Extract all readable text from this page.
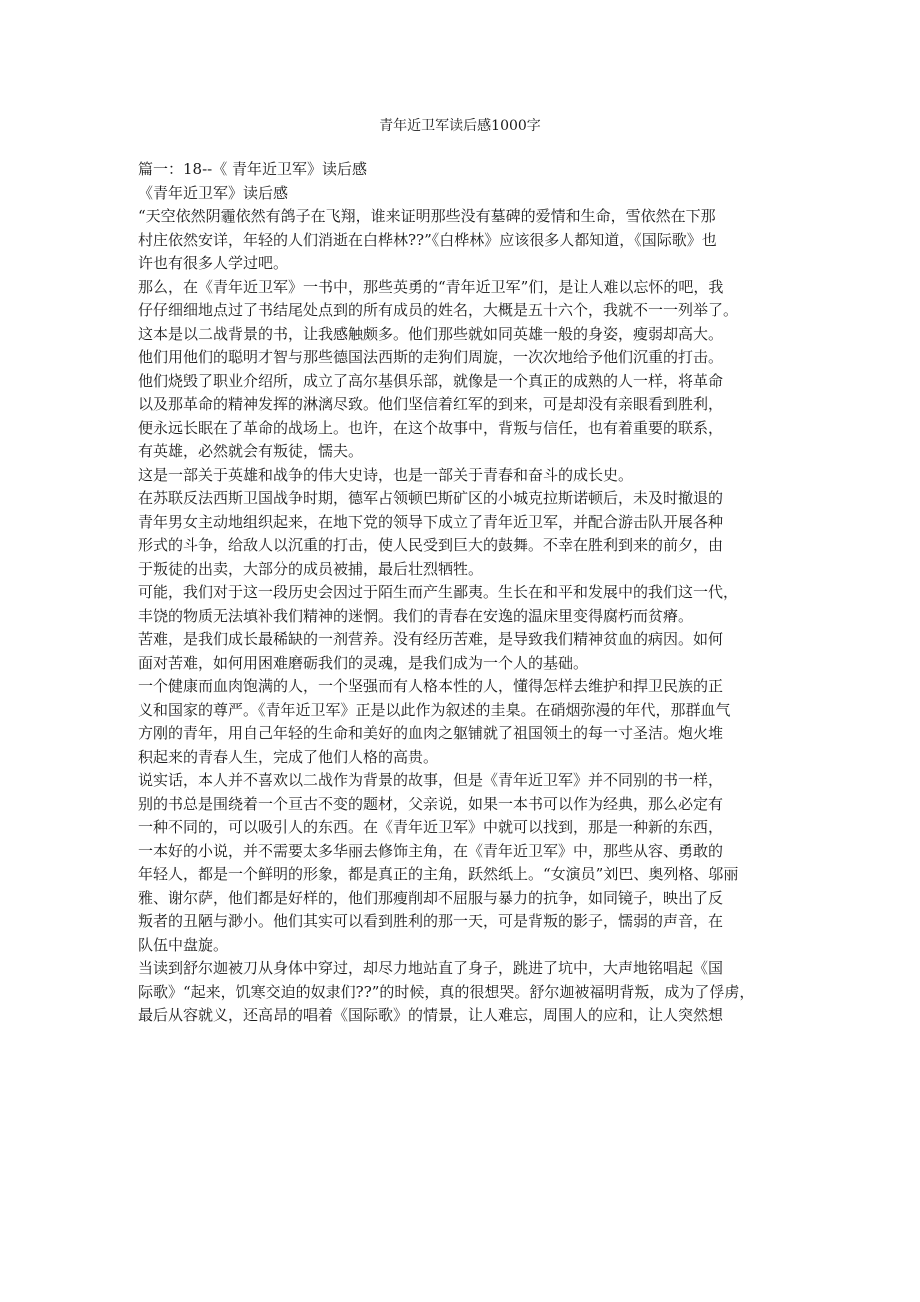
青年近卫军读后感1000字
篇一：18--《 青年近卫军》读后感
《青年近卫军》读后感
“天空依然阴霾依然有鸽子在飞翔，谁来证明那些没有墓碑的爱情和生命，雪依然在下那
村庄依然安详，年轻的人们消逝在白桦林??”《白桦林》应该很多人都知道，《国际歌》也
许也有很多人学过吧。
那么，在《青年近卫军》一书中，那些英勇的“青年近卫军”们，是让人难以忘怀的吧，我
仔仔细细地点过了书结尾处点到的所有成员的姓名，大概是五十六个，我就不一一列举了。
这本是以二战背景的书，让我感触颇多。他们那些就如同英雄一般的身姿，瘦弱却高大。
他们用他们的聪明才智与那些德国法西斯的走狗们周旋，一次次地给予他们沉重的打击。
他们烧毁了职业介绍所，成立了高尔基俱乐部，就像是一个真正的成熟的人一样，将革命
以及那革命的精神发挥的淋漓尽致。他们坚信着红军的到来，可是却没有亲眼看到胜利，
便永远长眠在了革命的战场上。也许，在这个故事中，背叛与信任，也有着重要的联系，
有英雄，必然就会有叛徒，懦夫。
这是一部关于英雄和战争的伟大史诗，也是一部关于青春和奋斗的成长史。
在苏联反法西斯卫国战争时期，德军占领顿巴斯矿区的小城克拉斯诺顿后，未及时撤退的
青年男女主动地组织起来，在地下党的领导下成立了青年近卫军，并配合游击队开展各种
形式的斗争，给敌人以沉重的打击，使人民受到巨大的鼓舞。不幸在胜利到来的前夕，由
于叛徒的出卖，大部分的成员被捕，最后壮烈牺牲。
可能，我们对于这一段历史会因过于陌生而产生鄙夷。生长在和平和发展中的我们这一代，
丰饶的物质无法填补我们精神的迷惘。我们的青春在安逸的温床里变得腐朽而贫瘠。
苦难，是我们成长最稀缺的一剂营养。没有经历苦难，是导致我们精神贫血的病因。如何
面对苦难，如何用困难磨砺我们的灵魂，是我们成为一个人的基础。
一个健康而血肉饱满的人，一个坚强而有人格本性的人，懂得怎样去维护和捍卫民族的正
义和国家的尊严。《青年近卫军》正是以此作为叙述的圭臬。在硝烟弥漫的年代，那群血气
方刚的青年，用自己年轻的生命和美好的血肉之躯铺就了祖国领土的每一寸圣洁。炮火堆
积起来的青春人生，完成了他们人格的高贵。
说实话，本人并不喜欢以二战作为背景的故事，但是《青年近卫军》并不同别的书一样，
别的书总是围绕着一个亘古不变的题材，父亲说，如果一本书可以作为经典，那么必定有
一种不同的，可以吸引人的东西。在《青年近卫军》中就可以找到，那是一种新的东西，
一本好的小说，并不需要太多华丽去修饰主角，在《青年近卫军》中，那些从容、勇敢的
年轻人，都是一个鲜明的形象，都是真正的主角，跃然纸上。“女演员”刘巴、奥列格、邬丽
雅、谢尔萨，他们都是好样的，他们那瘦削却不屈服与暴力的抗争，如同镜子，映出了反
叛者的丑陋与渺小。他们其实可以看到胜利的那一天，可是背叛的影子，懦弱的声音，在
队伍中盘旋。
当读到舒尔迦被刀从身体中穿过，却尽力地站直了身子，跳进了坑中，大声地铭唱起《国
际歌》“起来，饥寒交迫的奴隶们??”的时候，真的很想哭。舒尔迦被福明背叛，成为了俘虏，
最后从容就义，还高昂的唱着《国际歌》的情景，让人难忘，周围人的应和，让人突然想
